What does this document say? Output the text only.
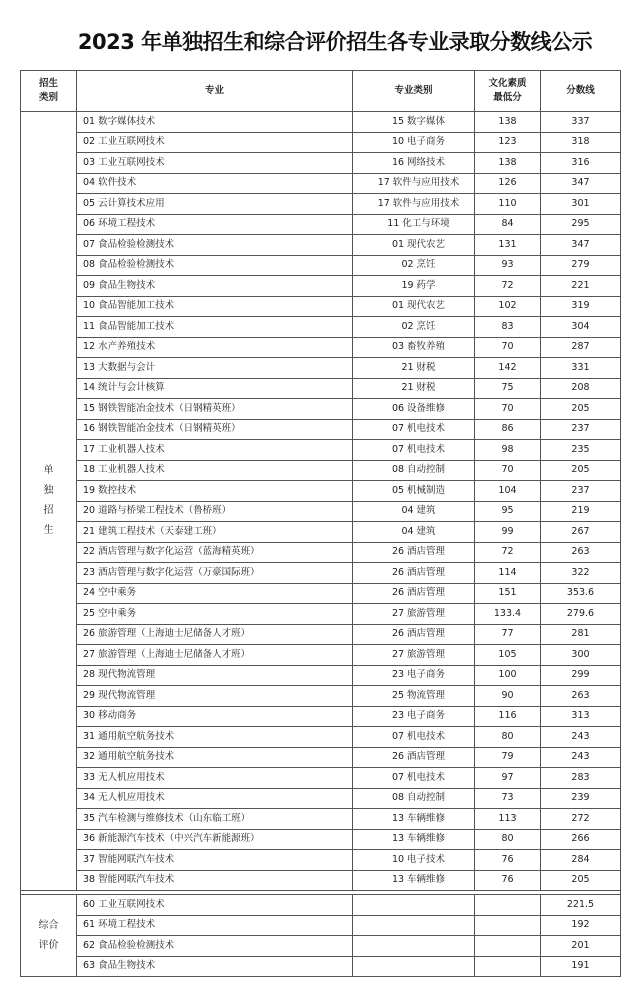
2023 年单独招生和综合评价招生各专业录取分数线公示
招生
类别	专业	专业类别	文化素质
最低分	分数线

单
独
招
生	01 数字媒体技术	15 数字媒体	138	337
	02 工业互联网技术	10 电子商务	123	318
	03 工业互联网技术	16 网络技术	138	316
	04 软件技术	17 软件与应用技术	126	347
	05 云计算技术应用	17 软件与应用技术	110	301
	06 环境工程技术	11 化工与环境	84	295
	07 食品检验检测技术	01 现代农艺	131	347
	08 食品检验检测技术	02 烹饪	93	279
	09 食品生物技术	19 药学	72	221
	10 食品智能加工技术	01 现代农艺	102	319
	11 食品智能加工技术	02 烹饪	83	304
	12 水产养殖技术	03 畜牧养殖	70	287
	13 大数据与会计	21 财税	142	331
	14 统计与会计核算	21 财税	75	208
	15 钢铁智能冶金技术（日钢精英班）	06 设备维修	70	205
	16 钢铁智能冶金技术（日钢精英班）	07 机电技术	86	237
	17 工业机器人技术	07 机电技术	98	235
	18 工业机器人技术	08 自动控制	70	205
	19 数控技术	05 机械制造	104	237
	20 道路与桥梁工程技术（鲁桥班）	04 建筑	95	219
	21 建筑工程技术（天泰建工班）	04 建筑	99	267
	22 酒店管理与数字化运营（蓝海精英班）	26 酒店管理	72	263
	23 酒店管理与数字化运营（万豪国际班）	26 酒店管理	114	322
	24 空中乘务	26 酒店管理	151	353.6
	25 空中乘务	27 旅游管理	133.4	279.6
	26 旅游管理（上海迪士尼储备人才班）	26 酒店管理	77	281
	27 旅游管理（上海迪士尼储备人才班）	27 旅游管理	105	300
	28 现代物流管理	23 电子商务	100	299
	29 现代物流管理	25 物流管理	90	263
	30 移动商务	23 电子商务	116	313
	31 通用航空航务技术	07 机电技术	80	243
	32 通用航空航务技术	26 酒店管理	79	243
	33 无人机应用技术	07 机电技术	97	283
	34 无人机应用技术	08 自动控制	73	239
	35 汽车检测与维修技术（山东临工班）	13 车辆维修	113	272
	36 新能源汽车技术（中兴汽车新能源班）	13 车辆维修	80	266
	37 智能网联汽车技术	10 电子技术	76	284
	38 智能网联汽车技术	13 车辆维修	76	205

综合
评价	60 工业互联网技术			221.5
	61 环境工程技术			192
	62 食品检验检测技术			201
	63 食品生物技术			191
